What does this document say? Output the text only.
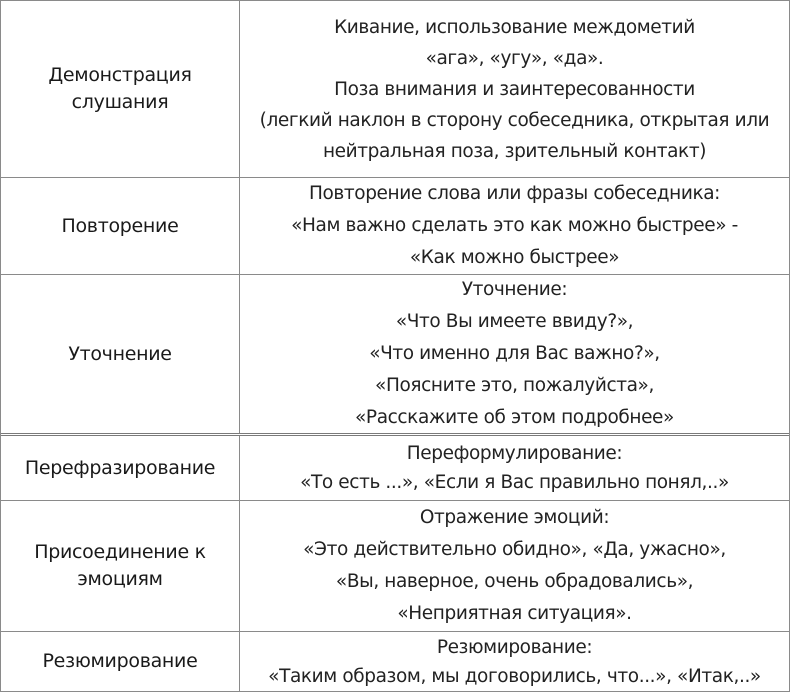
Демонстрация слушания
Кивание, использование междометий
«ага», «угу», «да».
Поза внимания и заинтересованности
(легкий наклон в сторону собеседника, открытая или
нейтральная поза, зрительный контакт)
Повторение
Повторение слова или фразы собеседника:
«Нам важно сделать это как можно быстрее» -
«Как можно быстрее»
Уточнение
Уточнение:
«Что Вы имеете ввиду?»,
«Что именно для Вас важно?»,
«Поясните это, пожалуйста»,
«Расскажите об этом подробнее»
Перефразирование
Переформулирование:
«То есть ...», «Если я Вас правильно понял,..»
Присоединение к эмоциям
Отражение эмоций:
«Это действительно обидно», «Да, ужасно»,
«Вы, наверное, очень обрадовались»,
«Неприятная ситуация».
Резюмирование
Резюмирование:
«Таким образом, мы договорились, что...», «Итак,..»
